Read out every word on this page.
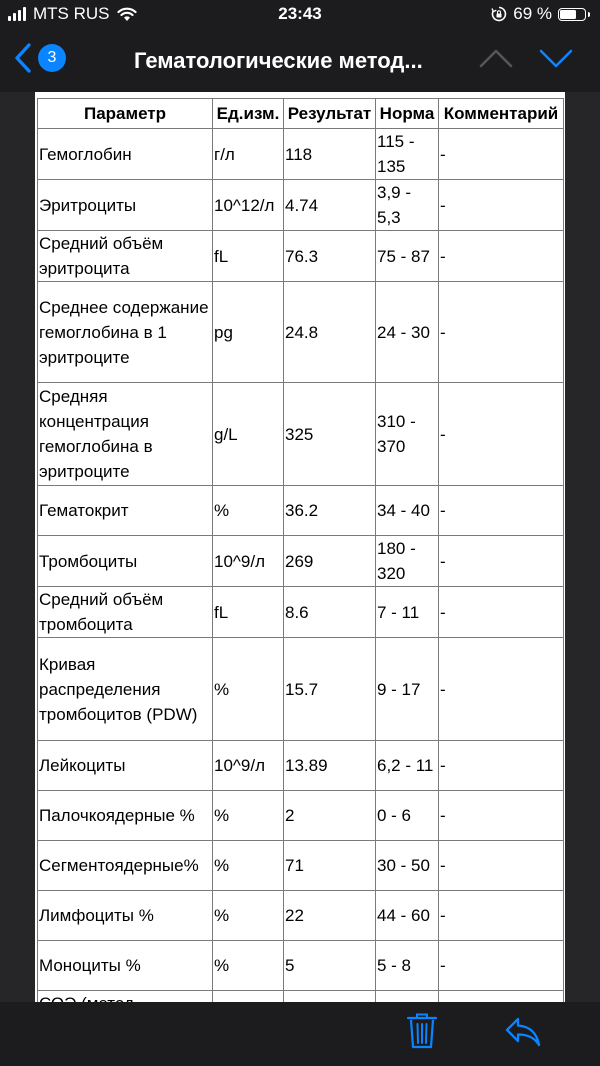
MTS RUS	23:43	69 %
3	Гематологические метод...
Параметр	Ед.изм.	Результат	Норма	Комментарий
Гемоглобин	г/л	118	115 - 135	-
Эритроциты	10^12/л	4.74	3,9 - 5,3	-
Средний объём эритроцита	fL	76.3	75 - 87	-
Среднее содержание гемоглобина в 1 эритроците	pg	24.8	24 - 30	-
Средняя концентрация гемоглобина в эритроците	g/L	325	310 - 370	-
Гематокрит	%	36.2	34 - 40	-
Тромбоциты	10^9/л	269	180 - 320	-
Средний объём тромбоцита	fL	8.6	7 - 11	-
Кривая распределения тромбоцитов (PDW)	%	15.7	9 - 17	-
Лейкоциты	10^9/л	13.89	6,2 - 11	-
Палочкоядерные %	%	2	0 - 6	-
Сегментоядерные%	%	71	30 - 50	-
Лимфоциты %	%	22	44 - 60	-
Моноциты %	%	5	5 - 8	-
